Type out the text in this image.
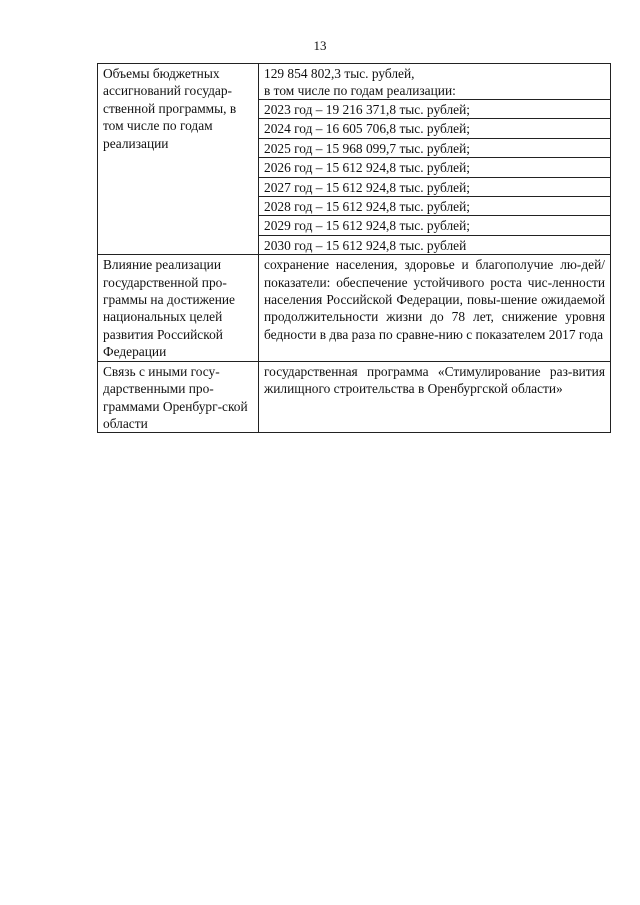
13
Объемы бюджетных ассигнований государ-ственной программы, в том числе по годам реализации	129 854 802,3 тыс. рублей,
в том числе по годам реализации:

	2023 год – 19 216 371,8 тыс. рублей;
	2024 год – 16 605 706,8 тыс. рублей;
	2025 год – 15 968 099,7 тыс. рублей;
	2026 год – 15 612 924,8 тыс. рублей;
	2027 год – 15 612 924,8 тыс. рублей;
	2028 год – 15 612 924,8 тыс. рублей;
	2029 год – 15 612 924,8 тыс. рублей;
	2030 год – 15 612 924,8 тыс. рублей
Влияние реализации государственной про-граммы на достижение национальных целей развития Российской Федерации	сохранение населения, здоровье и благополучие лю-дей/показатели: обеспечение устойчивого роста чис-ленности населения Российской Федерации, повы-шение ожидаемой продолжительности жизни до 78 лет, снижение уровня бедности в два раза по сравне-нию с показателем 2017 года
Связь с иными госу-дарственными про-граммами Оренбург-ской области	государственная программа «Стимулирование раз-вития жилищного строительства в Оренбургской области»
